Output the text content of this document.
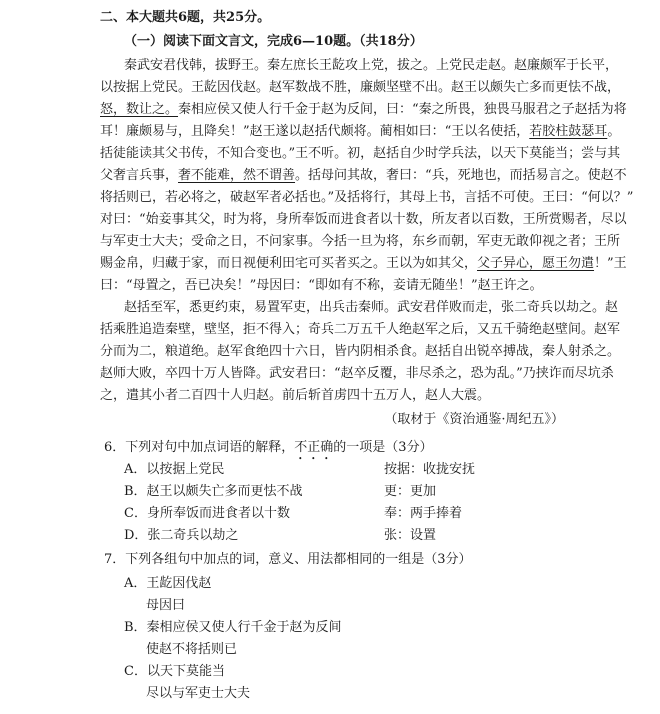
二、本大题共6题，共25分。
（一）阅读下面文言文，完成6—10题。（共18分）
秦武安君伐韩，拔野王。秦左庶长王龁攻上党，拔之。上党民走赵。赵廉颇军于长平，
以按据上党民。王龁因伐赵。赵军数战不胜，廉颇坚壁不出。赵王以颇失亡多而更怯不战，
怒，数让之。秦相应侯又使人行千金于赵为反间，曰：“秦之所畏，独畏马服君之子赵括为将
耳！廉颇易与，且降矣！”赵王遂以赵括代颇将。蔺相如曰：“王以名使括，若胶柱鼓瑟耳。
括徒能读其父书传，不知合变也。”王不听。初，赵括自少时学兵法，以天下莫能当；尝与其
父奢言兵事，奢不能难，然不谓善。括母问其故，奢曰：“兵，死地也，而括易言之。使赵不
将括则已，若必将之，破赵军者必括也。”及括将行，其母上书，言括不可使。王曰：“何以？”
对曰：“始妾事其父，时为将，身所奉饭而进食者以十数，所友者以百数，王所赏赐者，尽以
与军吏士大夫；受命之日，不问家事。今括一旦为将，东乡而朝，军吏无敢仰视之者；王所
赐金帛，归藏于家，而日视便利田宅可买者买之。王以为如其父，父子异心，愿王勿遣！”王
曰：“母置之，吾已决矣！”母因曰：“即如有不称，妾请无随坐！”赵王许之。
赵括至军，悉更约束，易置军吏，出兵击秦师。武安君佯败而走，张二奇兵以劫之。赵
括乘胜追造秦壁，壁坚，拒不得入；奇兵二万五千人绝赵军之后，又五千骑绝赵壁间。赵军
分而为二，粮道绝。赵军食绝四十六日，皆内阴相杀食。赵括自出锐卒搏战，秦人射杀之。
赵师大败，卒四十万人皆降。武安君曰：“赵卒反覆，非尽杀之，恐为乱。”乃挟诈而尽坑杀
之，遣其小者二百四十人归赵。前后斩首虏四十五万人，赵人大震。
（取材于《资治通鉴·周纪五》）
6．下列对句中加点词语的解释，不正确的一项是（3分）
A．以按据上党民	按据：收拢安抚
B．赵王以颇失亡多而更怯不战	更：更加
C．身所奉饭而进食者以十数	奉：两手捧着
D．张二奇兵以劫之	张：设置
7．下列各组句中加点的词，意义、用法都相同的一组是（3分）
A．王龁因伐赵
母因曰
B．秦相应侯又使人行千金于赵为反间
使赵不将括则已
C．以天下莫能当
尽以与军吏士大夫
